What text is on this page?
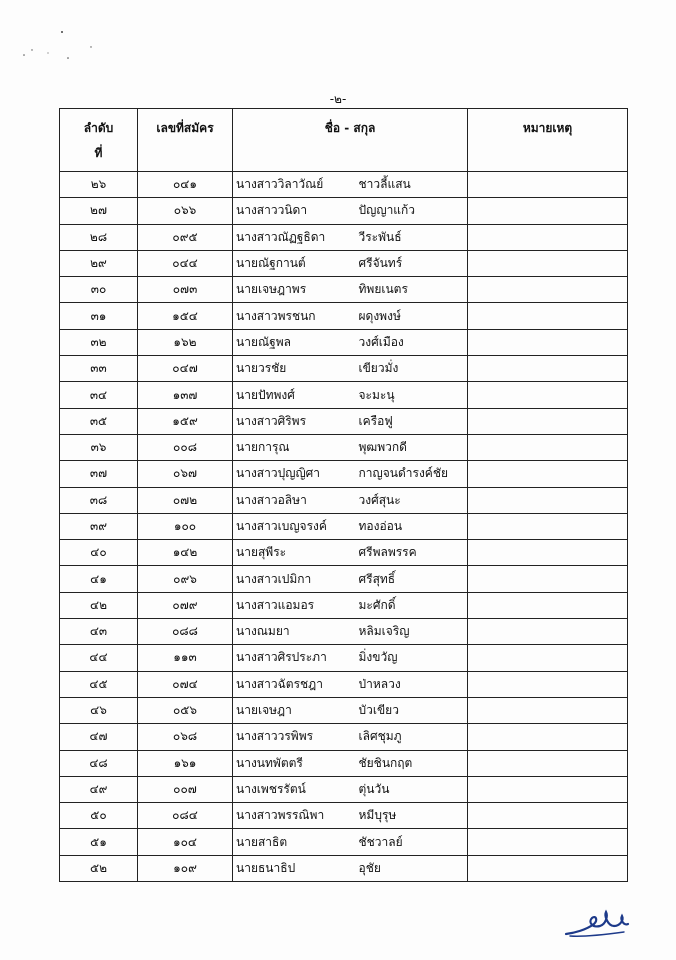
-๒-
ลำดับ
ที่	เลขที่สมัคร	ชื่อ - สกุล		หมายเหตุ
๒๖	๐๔๑	นางสาววิลาวัณย์	ชาวลี้แสน	
๒๗	๐๖๖	นางสาววนิดา	ปัญญาแก้ว	
๒๘	๐๙๕	นางสาวณัฏฐธิดา	วีระพันธ์	
๒๙	๐๔๔	นายณัฐกานต์	ศรีจันทร์	
๓๐	๐๗๓	นายเจษฎาพร	ทิพยเนตร	
๓๑	๑๕๔	นางสาวพรชนก	ผดุงพงษ์	
๓๒	๑๖๒	นายณัฐพล	วงศ์เมือง	
๓๓	๐๔๗	นายวรชัย	เขียวมั่ง	
๓๔	๑๓๗	นายปัทพงศ์	จะมะนุ	
๓๕	๑๕๙	นางสาวศิริพร	เครือฟู	
๓๖	๐๐๘	นายการุณ	พุฒพวกดี	
๓๗	๐๖๗	นางสาวปุญญิศา	กาญจนดำรงค์ชัย	
๓๘	๐๗๒	นางสาวอลิษา	วงศ์สุนะ	
๓๙	๑๐๐	นางสาวเบญจรงค์	ทองอ่อน	
๔๐	๑๔๒	นายสุพีระ	ศรีพลพรรค	
๔๑	๐๙๖	นางสาวเปมิกา	ศรีสุทธิ์	
๔๒	๐๗๙	นางสาวแอมอร	มะศักดิ์	
๔๓	๐๘๘	นางณมยา	หลิมเจริญ	
๔๔	๑๑๓	นางสาวศิรประภา	มิ่งขวัญ	
๔๕	๐๗๔	นางสาวฉัตรชฎา	ป่าหลวง	
๔๖	๐๕๖	นายเจษฎา	บัวเขียว	
๔๗	๐๖๘	นางสาววรพิพร	เลิศชุมภู	
๔๘	๑๖๑	นางนทพัตตรี	ชัยชินกฤต	
๔๙	๐๐๗	นางเพชรรัตน์	ตุ่นวัน	
๕๐	๐๘๔	นางสาวพรรณิพา	หมีบุรุษ	
๕๑	๑๐๔	นายสาธิต	ชัชวาลย์	
๕๒	๑๐๙	นายธนาธิป	อุชัย	
